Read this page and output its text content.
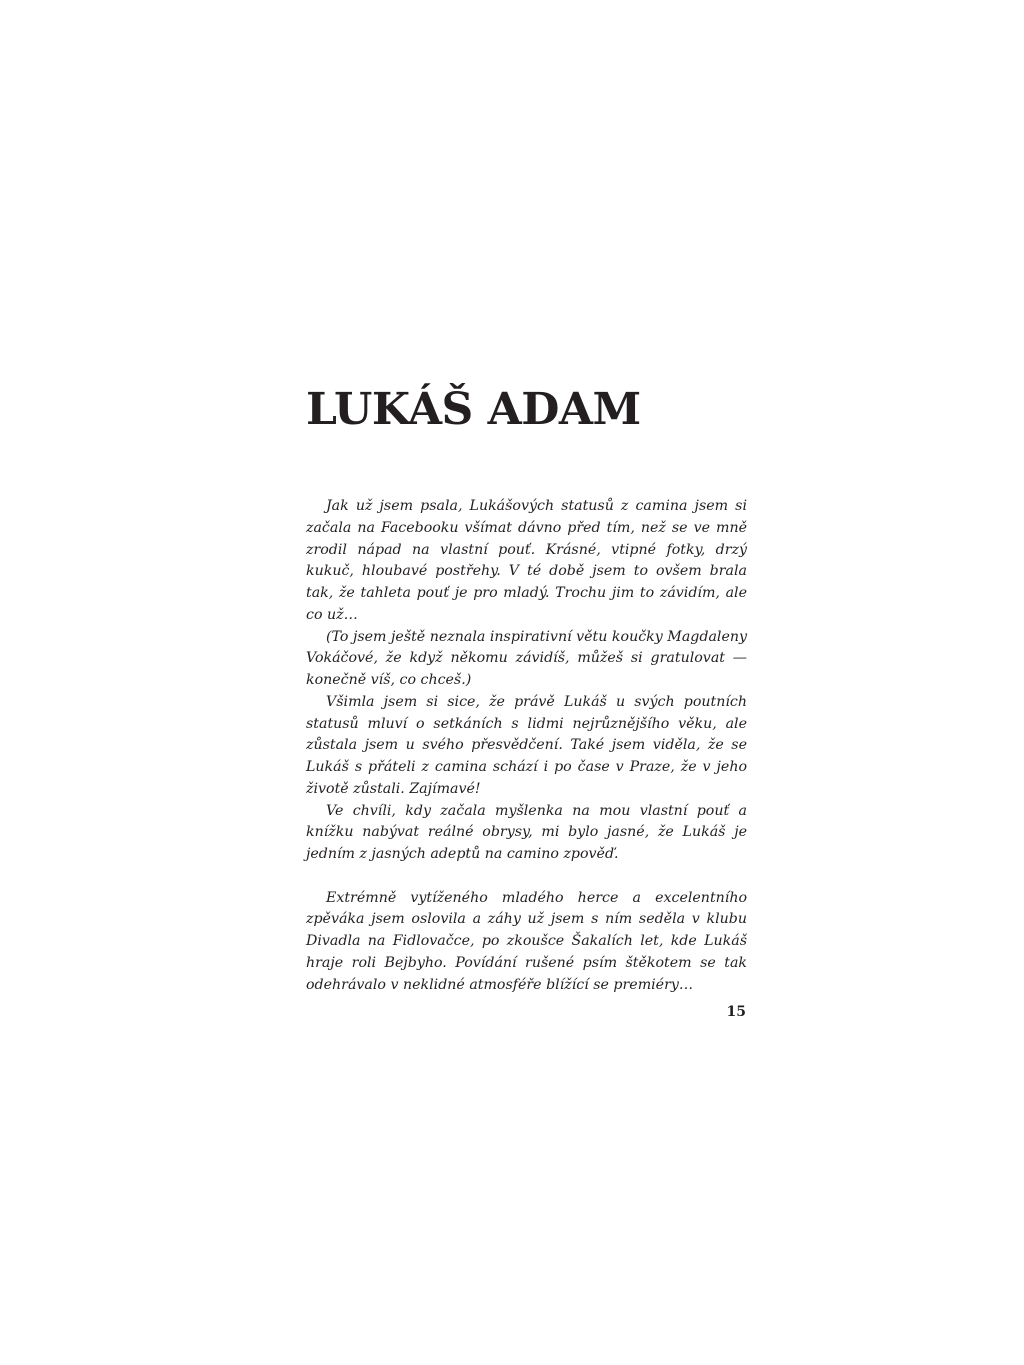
LUKÁŠ ADAM

Jak už jsem psala, Lukášových statusů z camina jsem si začala na Facebooku všímat dávno před tím, než se ve mně zrodil nápad na vlastní pouť. Krásné, vtipné fotky, drzý kukuč, hloubavé postřehy. V té době jsem to ovšem brala tak, že tahleta pouť je pro mladý. Trochu jim to závidím, ale co už…

(To jsem ještě neznala inspirativní větu koučky Magdaleny Vokáčové, že když někomu závidíš, můžeš si gratulovat — konečně víš, co chceš.)

Všimla jsem si sice, že právě Lukáš u svých poutních statusů mluví o setkáních s lidmi nejrůznějšího věku, ale zůstala jsem u svého přesvědčení. Také jsem viděla, že se Lukáš s přáteli z camina schází i po čase v Praze, že v jeho životě zůstali. Zajímavé!

Ve chvíli, kdy začala myšlenka na mou vlastní pouť a knížku nabývat reálné obrysy, mi bylo jasné, že Lukáš je jedním z jasných adeptů na camino zpověď.

Extrémně vytíženého mladého herce a excelentního zpěváka jsem oslovila a záhy už jsem s ním seděla v klubu Divadla na Fidlovačce, po zkoušce Šakalích let, kde Lukáš hraje roli Bejbyho. Povídání rušené psím štěkotem se tak odehrávalo v neklidné atmosféře blížící se premiéry…

15
